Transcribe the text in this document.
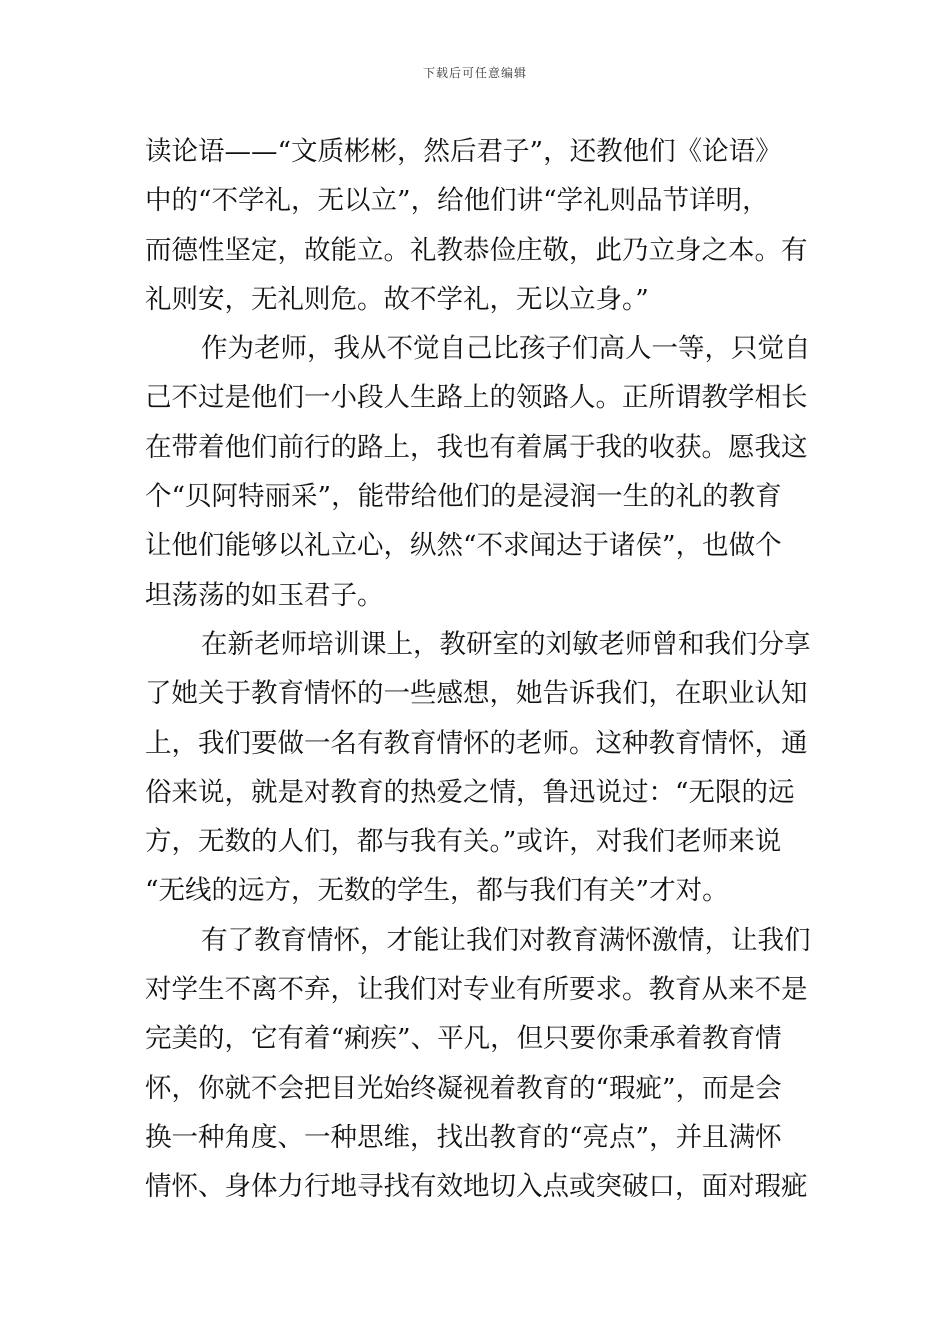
下载后可任意编辑

读论语——“文质彬彬，然后君子”，还教他们《论语》
中的“不学礼，无以立”，给他们讲“学礼则品节详明，
而德性坚定，故能立。礼教恭俭庄敬，此乃立身之本。有
礼则安，无礼则危。故不学礼，无以立身。”

作为老师，我从不觉自己比孩子们高人一等，只觉自
己不过是他们一小段人生路上的领路人。正所谓教学相长
在带着他们前行的路上，我也有着属于我的收获。愿我这
个“贝阿特丽采”，能带给他们的是浸润一生的礼的教育
让他们能够以礼立心，纵然“不求闻达于诸侯”，也做个
坦荡荡的如玉君子。

在新老师培训课上，教研室的刘敏老师曾和我们分享
了她关于教育情怀的一些感想，她告诉我们，在职业认知
上，我们要做一名有教育情怀的老师。这种教育情怀，通
俗来说，就是对教育的热爱之情，鲁迅说过：“无限的远
方，无数的人们，都与我有关。”或许，对我们老师来说
“无线的远方，无数的学生，都与我们有关”才对。

有了教育情怀，才能让我们对教育满怀激情，让我们
对学生不离不弃，让我们对专业有所要求。教育从来不是
完美的，它有着“痢疾”、平凡，但只要你秉承着教育情
怀，你就不会把目光始终凝视着教育的“瑕疵”，而是会
换一种角度、一种思维，找出教育的“亮点”，并且满怀
情怀、身体力行地寻找有效地切入点或突破口，面对瑕疵
